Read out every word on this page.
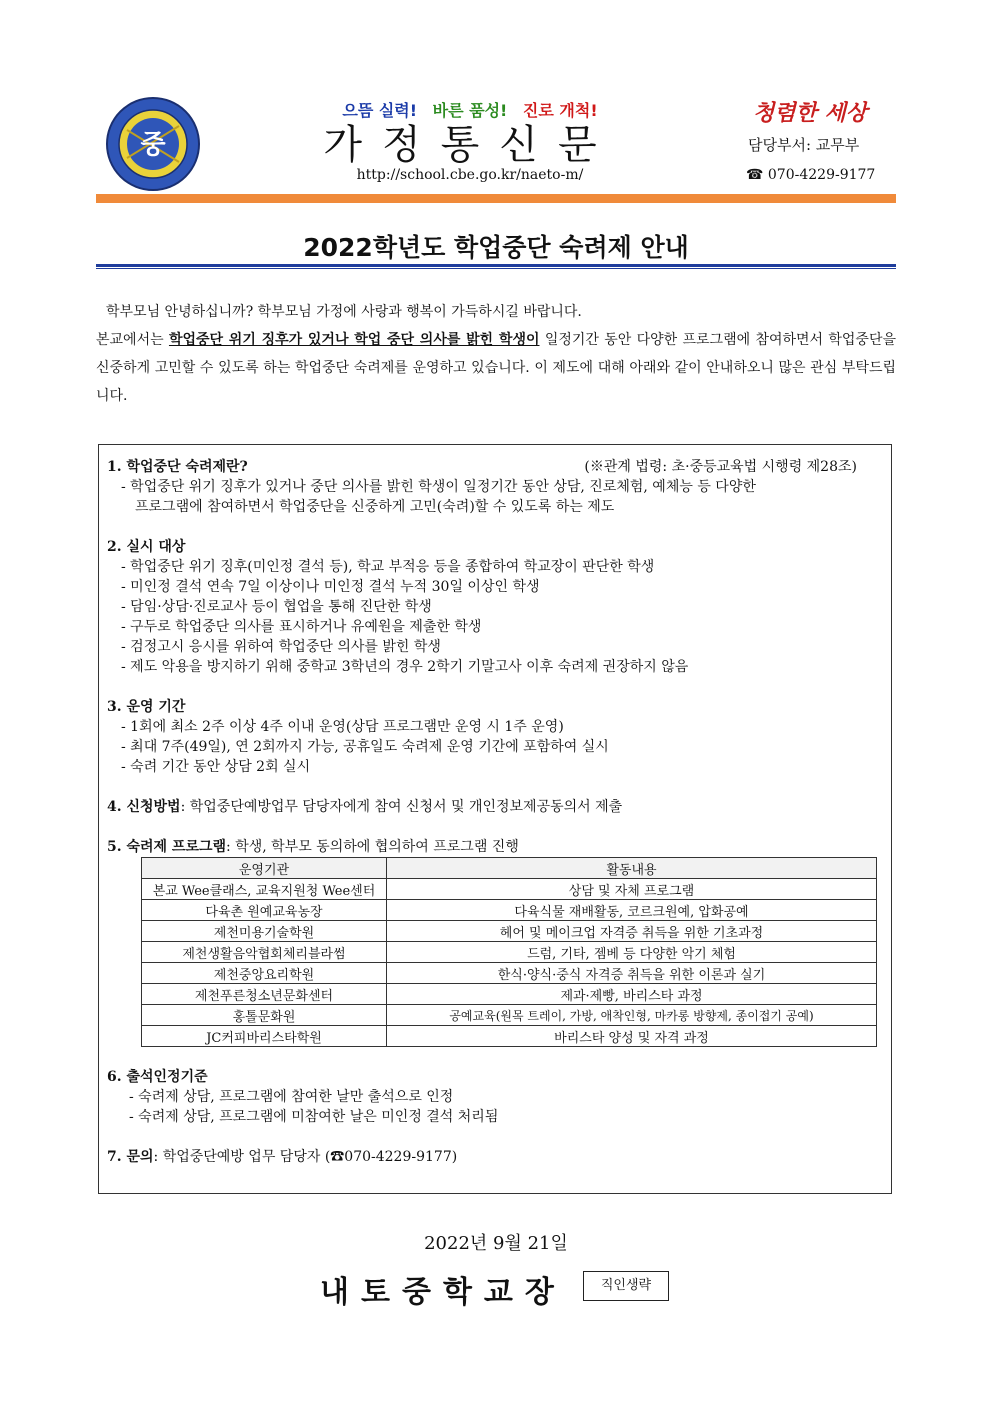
중
으뜸 실력! 바른 품성! 진로 개척!
가정통신문
http://school.cbe.go.kr/naeto-m/
청렴한 세상
담당부서: 교무부
☎ 070-4229-9177
2022학년도 학업중단 숙려제 안내

학부모님 안녕하십니까? 학부모님 가정에 사랑과 행복이 가득하시길 바랍니다.

본교에서는 학업중단 위기 징후가 있거나 학업 중단 의사를 밝힌 학생이 일정기간 동안 다양한 프로그램에 참여하면서 학업중단을 신중하게 고민할 수 있도록 하는 학업중단 숙려제를 운영하고 있습니다. 이 제도에 대해 아래와 같이 안내하오니 많은 관심 부탁드립니다.

1. 학업중단 숙려제란?	(※관계 법령: 초·중등교육법 시행령 제28조)
- 학업중단 위기 징후가 있거나 중단 의사를 밝힌 학생이 일정기간 동안 상담, 진로체험, 예체능 등 다양한
프로그램에 참여하면서 학업중단을 신중하게 고민(숙려)할 수 있도록 하는 제도
2. 실시 대상
- 학업중단 위기 징후(미인정 결석 등), 학교 부적응 등을 종합하여 학교장이 판단한 학생
- 미인정 결석 연속 7일 이상이나 미인정 결석 누적 30일 이상인 학생
- 담임·상담·진로교사 등이 협업을 통해 진단한 학생
- 구두로 학업중단 의사를 표시하거나 유예원을 제출한 학생
- 검정고시 응시를 위하여 학업중단 의사를 밝힌 학생
- 제도 악용을 방지하기 위해 중학교 3학년의 경우 2학기 기말고사 이후 숙려제 권장하지 않음
3. 운영 기간
- 1회에 최소 2주 이상 4주 이내 운영(상담 프로그램만 운영 시 1주 운영)
- 최대 7주(49일), 연 2회까지 가능, 공휴일도 숙려제 운영 기간에 포함하여 실시
- 숙려 기간 동안 상담 2회 실시
4. 신청방법: 학업중단예방업무 담당자에게 참여 신청서 및 개인정보제공동의서 제출
5. 숙려제 프로그램: 학생, 학부모 동의하에 협의하여 프로그램 진행
운영기관	활동내용
본교 Wee클래스, 교육지원청 Wee센터	상담 및 자체 프로그램
다육촌 원예교육농장	다육식물 재배활동, 코르크원예, 압화공예
제천미용기술학원	헤어 및 메이크업 자격증 취득을 위한 기초과정
제천생활음악협회체리블라썸	드럼, 기타, 젬베 등 다양한 악기 체험
제천중앙요리학원	한식·양식·중식 자격증 취득을 위한 이론과 실기
제천푸른청소년문화센터	제과·제빵, 바리스타 과정
홍톨문화원	공예교육(원목 트레이, 가방, 애착인형, 마카롱 방향제, 종이접기 공예)
JC커피바리스타학원	바리스타 양성 및 자격 과정
6. 출석인정기준
- 숙려제 상담, 프로그램에 참여한 날만 출석으로 인정
- 숙려제 상담, 프로그램에 미참여한 날은 미인정 결석 처리됨
7. 문의: 학업중단예방 업무 담당자 (☎070-4229-9177)
2022년 9월 21일
내토중학교장	직인생략
